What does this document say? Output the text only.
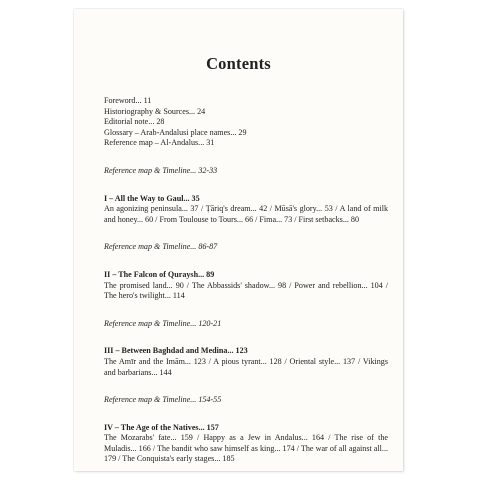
Contents
Foreword... 11
Historiography & Sources... 24
Editorial note... 28
Glossary – Arab-Andalusi place names... 29
Reference map – Al-Andalus... 31
Reference map & Timeline... 32-33
I – All the Way to Gaul... 35
An agonizing peninsula... 37 / Ṭāriq's dream... 42 / Mūsā's glory... 53 / A land of milk and honey... 60 / From Toulouse to Tours... 66 / Fima... 73 / First setbacks... 80
Reference map & Timeline... 86-87
II – The Falcon of Quraysh... 89
The promised land... 90 / The Abbassids' shadow... 98 / Power and rebellion... 104 / The hero's twilight... 114
Reference map & Timeline... 120-21
III – Between Baghdad and Medina... 123
The Amīr and the Imām... 123 / A pious tyrant... 128 / Oriental style... 137 / Vikings and barbarians... 144
Reference map & Timeline... 154-55
IV – The Age of the Natives... 157
The Mozarabs' fate... 159 / Happy as a Jew in Andalus... 164 / The rise of the Muladis... 166 / The bandit who saw himself as king... 174 / The war of all against all... 179 / The Conquista's early stages... 185
